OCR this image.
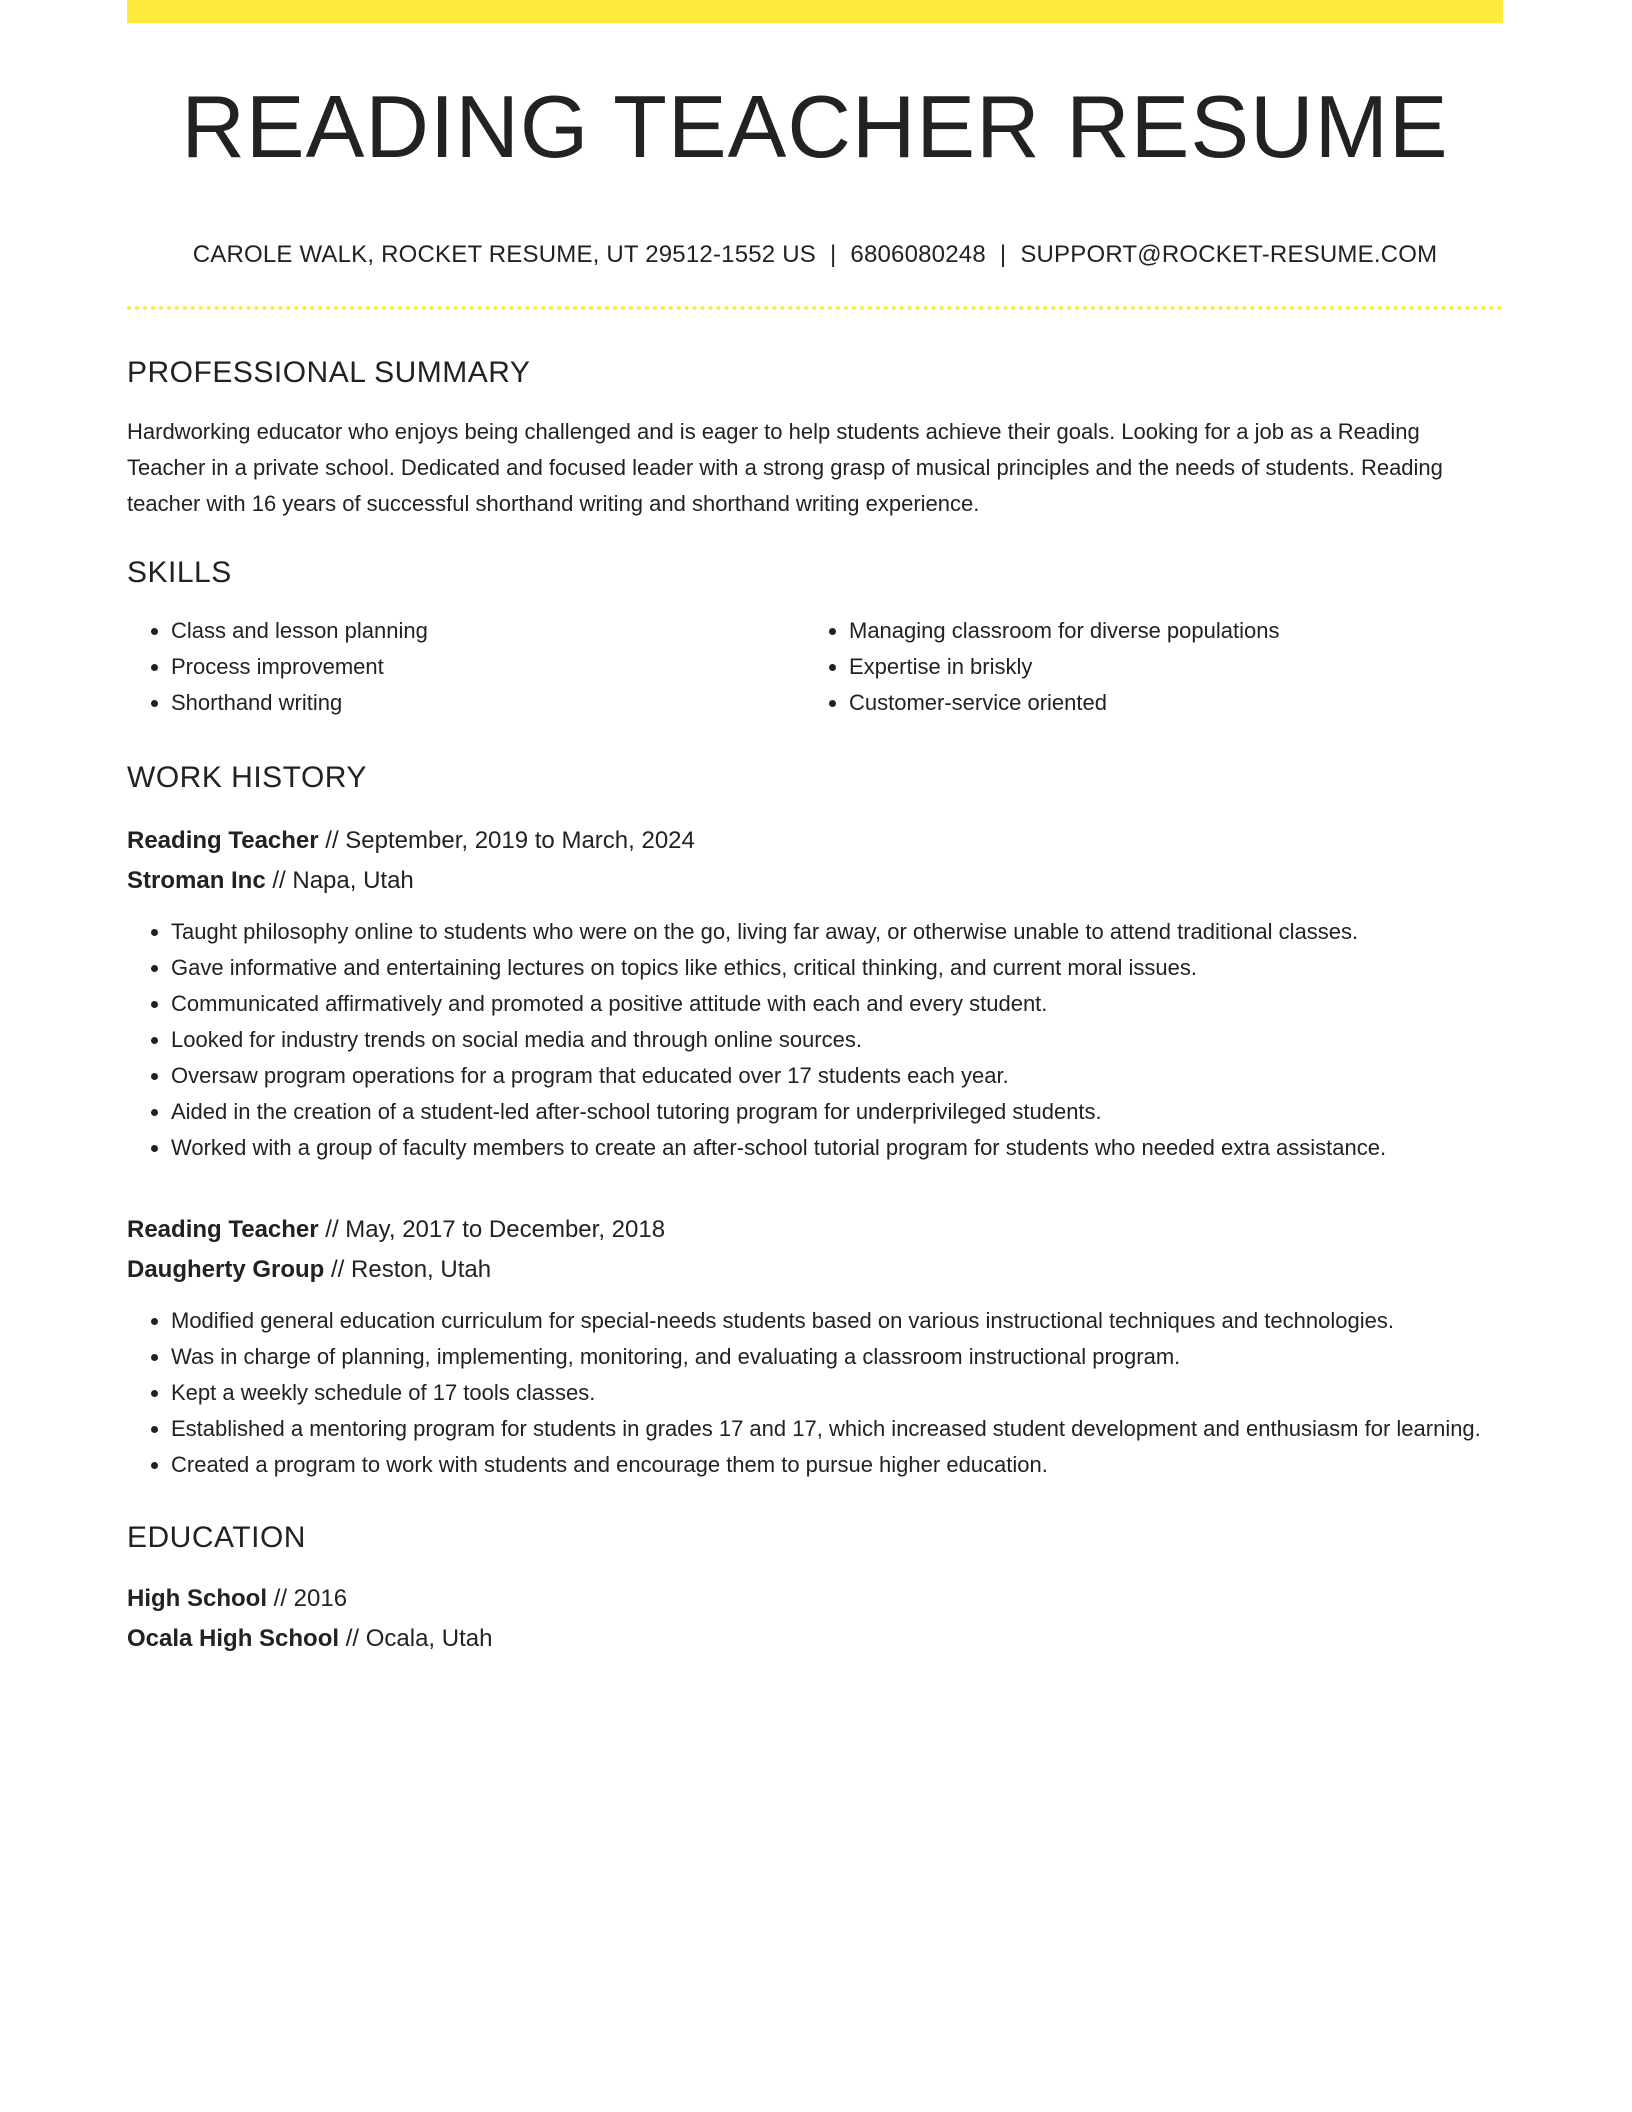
READING TEACHER RESUME
CAROLE WALK, ROCKET RESUME, UT 29512-1552 US | 6806080248 | SUPPORT@ROCKET-RESUME.COM
PROFESSIONAL SUMMARY
Hardworking educator who enjoys being challenged and is eager to help students achieve their goals. Looking for a job as a Reading Teacher in a private school. Dedicated and focused leader with a strong grasp of musical principles and the needs of students. Reading teacher with 16 years of successful shorthand writing and shorthand writing experience.
SKILLS
• Class and lesson planning
• Process improvement
• Shorthand writing
• Managing classroom for diverse populations
• Expertise in briskly
• Customer-service oriented
WORK HISTORY
Reading Teacher // September, 2019 to March, 2024
Stroman Inc // Napa, Utah
• Taught philosophy online to students who were on the go, living far away, or otherwise unable to attend traditional classes.
• Gave informative and entertaining lectures on topics like ethics, critical thinking, and current moral issues.
• Communicated affirmatively and promoted a positive attitude with each and every student.
• Looked for industry trends on social media and through online sources.
• Oversaw program operations for a program that educated over 17 students each year.
• Aided in the creation of a student-led after-school tutoring program for underprivileged students.
• Worked with a group of faculty members to create an after-school tutorial program for students who needed extra assistance.
Reading Teacher // May, 2017 to December, 2018
Daugherty Group // Reston, Utah
• Modified general education curriculum for special-needs students based on various instructional techniques and technologies.
• Was in charge of planning, implementing, monitoring, and evaluating a classroom instructional program.
• Kept a weekly schedule of 17 tools classes.
• Established a mentoring program for students in grades 17 and 17, which increased student development and enthusiasm for learning.
• Created a program to work with students and encourage them to pursue higher education.
EDUCATION
High School // 2016
Ocala High School // Ocala, Utah
